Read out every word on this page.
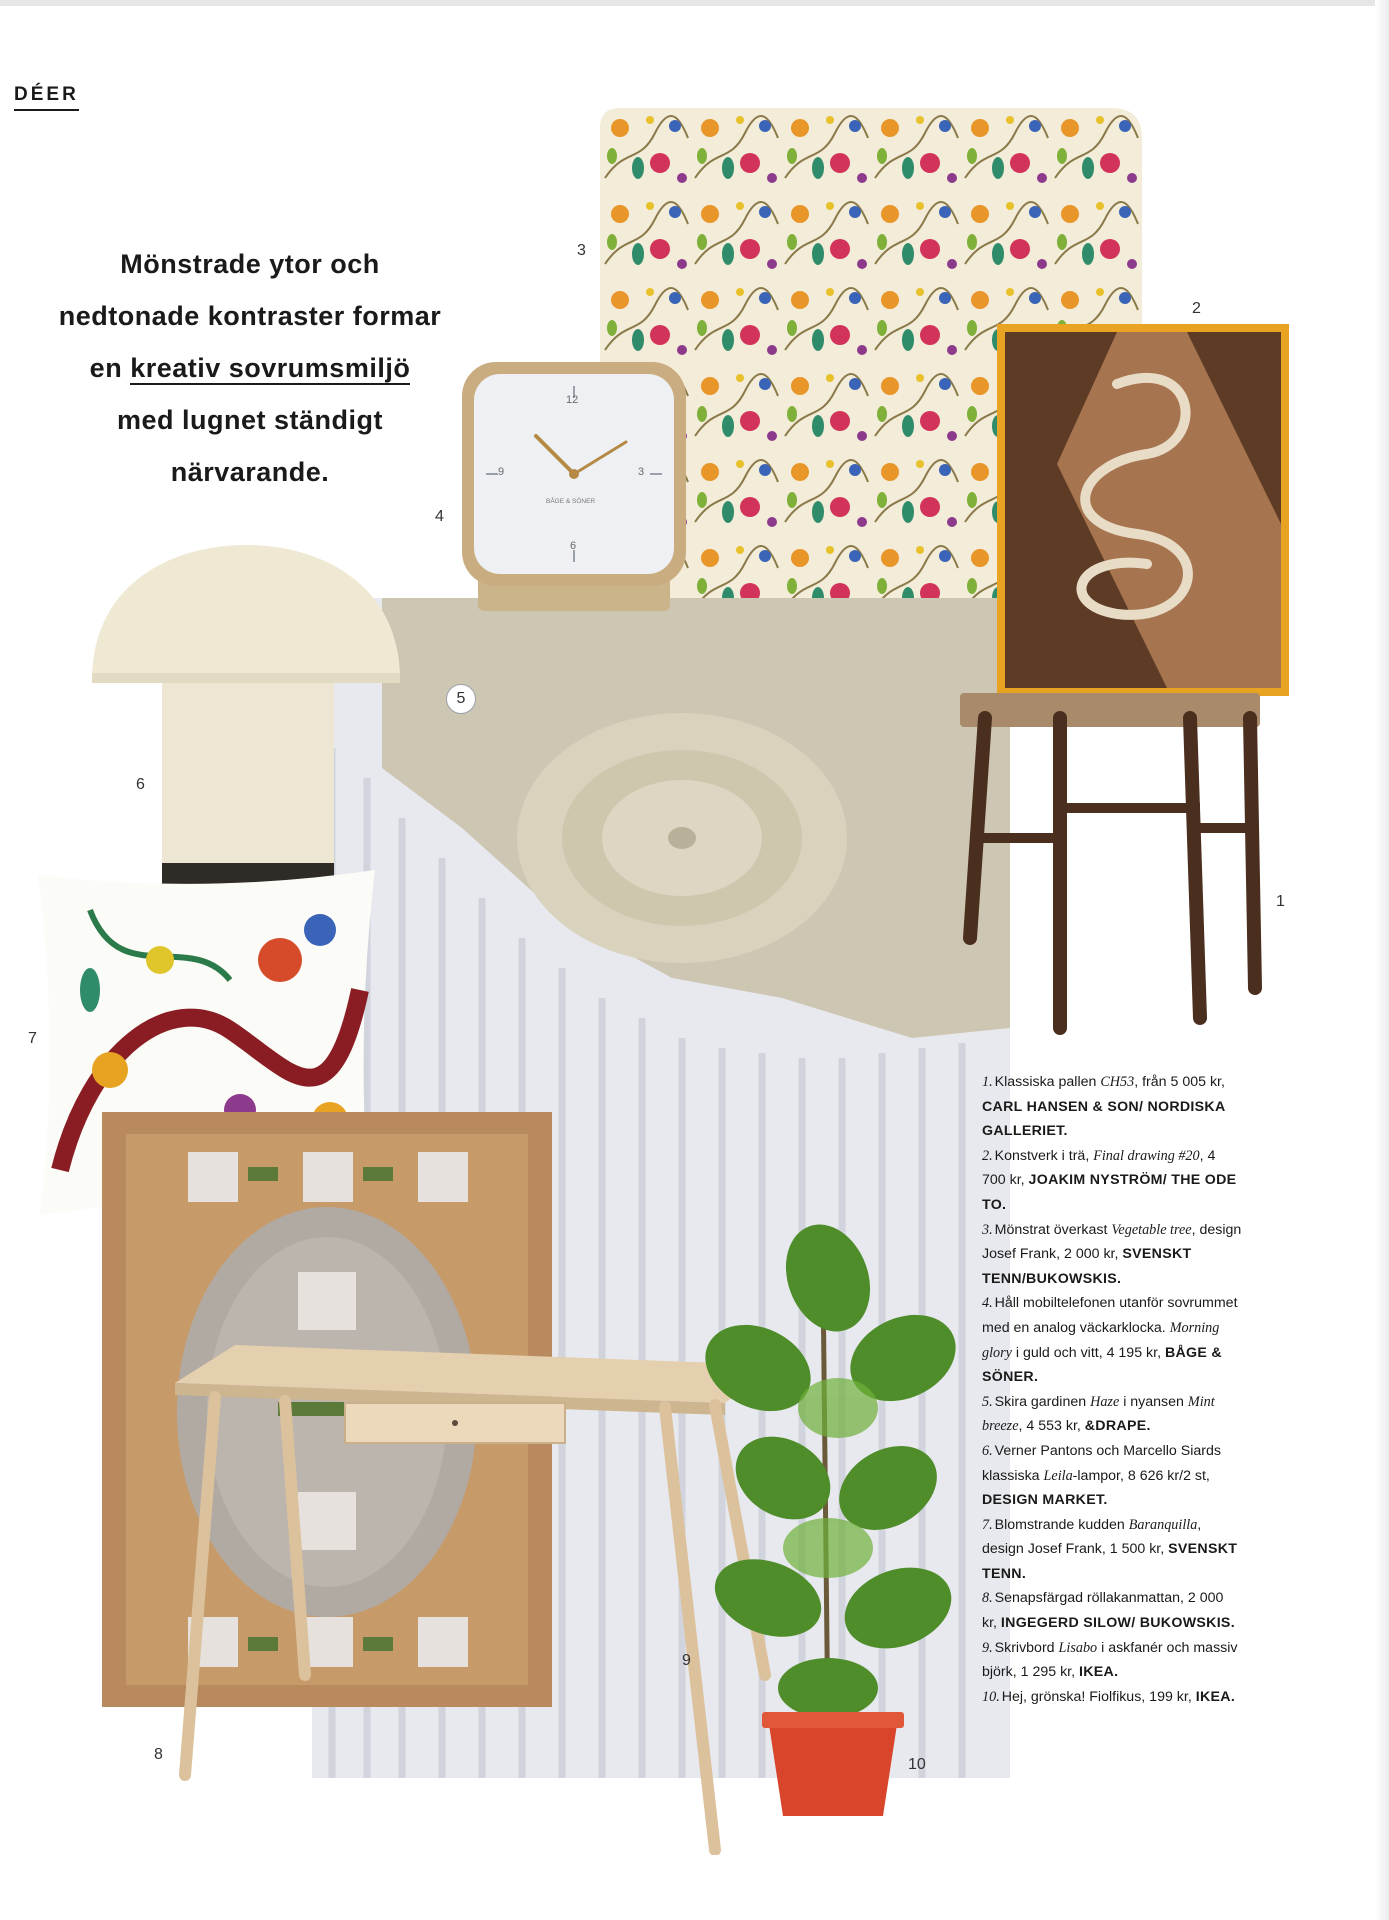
DÉER
Mönstrade ytor och
nedtonade kontraster formar
en kreativ sovrumsmiljö
med lugnet ständigt
närvarande.
12
3
6
9
BÅGE & SÖNER
1
2
3
4
5
6
7
8
9
10
1. Klassiska pallen CH53, från 5 005 kr, CARL HANSEN & SON/ NORDISKA GALLERIET.
2. Konstverk i trä, Final drawing #20, 4 700 kr, JOAKIM NYSTRÖM/ THE ODE TO.
3. Mönstrat överkast Vegetable tree, design Josef Frank, 2 000 kr, SVENSKT TENN/BUKOWSKIS.
4. Håll mobiltelefonen utanför sovrummet med en analog väckarklocka. Morning glory i guld och vitt, 4 195 kr, BÅGE & SÖNER.
5. Skira gardinen Haze i nyansen Mint breeze, 4 553 kr, &DRAPE.
6. Verner Pantons och Marcello Siards klassiska Leila-lampor, 8 626 kr/2 st, DESIGN MARKET.
7. Blomstrande kudden Baranquilla, design Josef Frank, 1 500 kr, SVENSKT TENN.
8. Senapsfärgad röllakanmattan, 2 000 kr, INGEGERD SILOW/ BUKOWSKIS.
9. Skrivbord Lisabo i askfanér och massiv björk, 1 295 kr, IKEA.
10. Hej, grönska! Fiolfikus, 199 kr, IKEA.
